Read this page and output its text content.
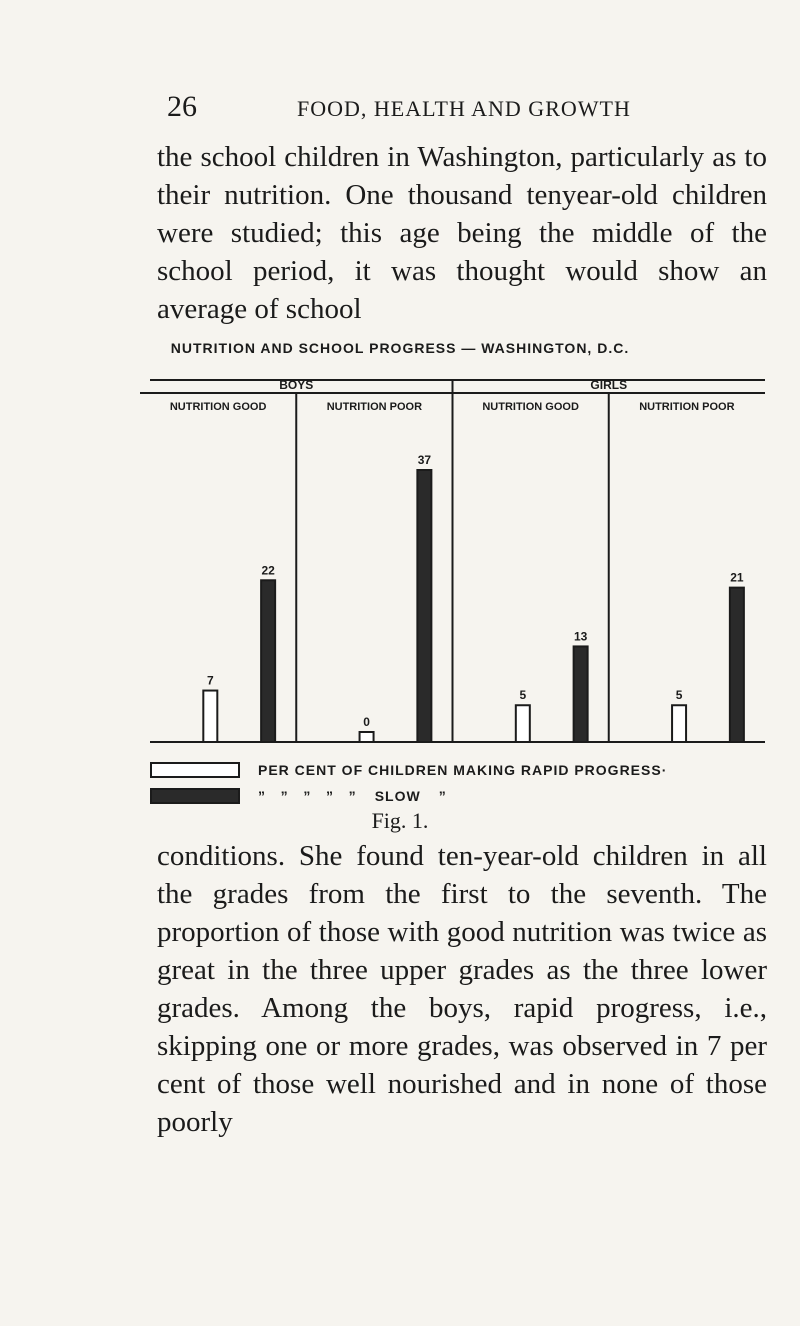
26	FOOD, HEALTH AND GROWTH

the school children in Washington, particularly as to their nutrition. One thousand tenyear-old children were studied; this age being the middle of the school period, it was thought would show an average of school

NUTRITION AND SCHOOL PROGRESS — WASHINGTON, D.C.
BOYS	GIRLS
NUTRITION GOOD
7
22
NUTRITION POOR
0
37
NUTRITION GOOD
5
13
NUTRITION POOR
5
21
PER CENT OF CHILDREN MAKING RAPID PROGRESS·
”   ”   ”   ”   ” SLOW ”
Fig. 1.

conditions. She found ten-year-old children in all the grades from the first to the seventh. The proportion of those with good nutrition was twice as great in the three upper grades as the three lower grades. Among the boys, rapid progress, i.e., skipping one or more grades, was observed in 7 per cent of those well nourished and in none of those poorly
